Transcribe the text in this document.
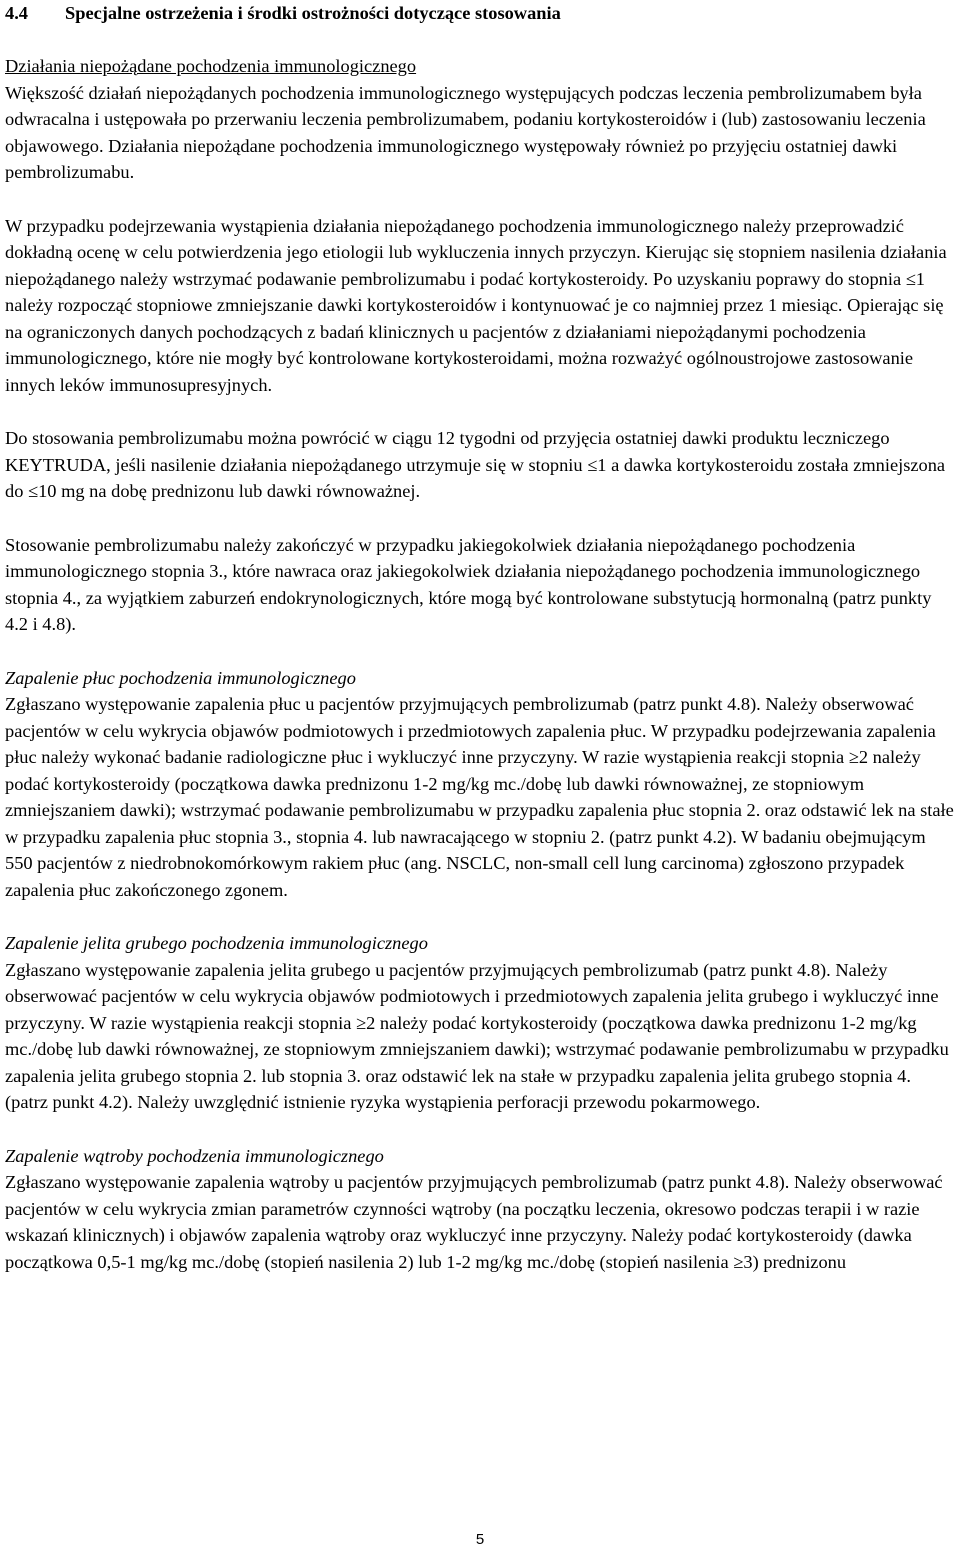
4.4 Specjalne ostrzeżenia i środki ostrożności dotyczące stosowania

Działania niepożądane pochodzenia immunologicznego

Większość działań niepożądanych pochodzenia immunologicznego występujących podczas leczenia pembrolizumabem była odwracalna i ustępowała po przerwaniu leczenia pembrolizumabem, podaniu kortykosteroidów i (lub) zastosowaniu leczenia objawowego. Działania niepożądane pochodzenia immunologicznego występowały również po przyjęciu ostatniej dawki pembrolizumabu.

W przypadku podejrzewania wystąpienia działania niepożądanego pochodzenia immunologicznego należy przeprowadzić dokładną ocenę w celu potwierdzenia jego etiologii lub wykluczenia innych przyczyn. Kierując się stopniem nasilenia działania niepożądanego należy wstrzymać podawanie pembrolizumabu i podać kortykosteroidy. Po uzyskaniu poprawy do stopnia ≤1 należy rozpocząć stopniowe zmniejszanie dawki kortykosteroidów i kontynuować je co najmniej przez 1 miesiąc. Opierając się na ograniczonych danych pochodzących z badań klinicznych u pacjentów z działaniami niepożądanymi pochodzenia immunologicznego, które nie mogły być kontrolowane kortykosteroidami, można rozważyć ogólnoustrojowe zastosowanie innych leków immunosupresyjnych.

Do stosowania pembrolizumabu można powrócić w ciągu 12 tygodni od przyjęcia ostatniej dawki produktu leczniczego KEYTRUDA, jeśli nasilenie działania niepożądanego utrzymuje się w stopniu ≤1 a dawka kortykosteroidu została zmniejszona do ≤10 mg na dobę prednizonu lub dawki równoważnej.

Stosowanie pembrolizumabu należy zakończyć w przypadku jakiegokolwiek działania niepożądanego pochodzenia immunologicznego stopnia 3., które nawraca oraz jakiegokolwiek działania niepożądanego pochodzenia immunologicznego stopnia 4., za wyjątkiem zaburzeń endokrynologicznych, które mogą być kontrolowane substytucją hormonalną (patrz punkty 4.2 i 4.8).

Zapalenie płuc pochodzenia immunologicznego

Zgłaszano występowanie zapalenia płuc u pacjentów przyjmujących pembrolizumab (patrz punkt 4.8). Należy obserwować pacjentów w celu wykrycia objawów podmiotowych i przedmiotowych zapalenia płuc. W przypadku podejrzewania zapalenia płuc należy wykonać badanie radiologiczne płuc i wykluczyć inne przyczyny. W razie wystąpienia reakcji stopnia ≥2 należy podać kortykosteroidy (początkowa dawka prednizonu 1-2 mg/kg mc./dobę lub dawki równoważnej, ze stopniowym zmniejszaniem dawki); wstrzymać podawanie pembrolizumabu w przypadku zapalenia płuc stopnia 2. oraz odstawić lek na stałe w przypadku zapalenia płuc stopnia 3., stopnia 4. lub nawracającego w stopniu 2. (patrz punkt 4.2). W badaniu obejmującym 550 pacjentów z niedrobnokomórkowym rakiem płuc (ang. NSCLC, non-small cell lung carcinoma) zgłoszono przypadek zapalenia płuc zakończonego zgonem.

Zapalenie jelita grubego pochodzenia immunologicznego

Zgłaszano występowanie zapalenia jelita grubego u pacjentów przyjmujących pembrolizumab (patrz punkt 4.8). Należy obserwować pacjentów w celu wykrycia objawów podmiotowych i przedmiotowych zapalenia jelita grubego i wykluczyć inne przyczyny. W razie wystąpienia reakcji stopnia ≥2 należy podać kortykosteroidy (początkowa dawka prednizonu 1-2 mg/kg mc./dobę lub dawki równoważnej, ze stopniowym zmniejszaniem dawki); wstrzymać podawanie pembrolizumabu w przypadku zapalenia jelita grubego stopnia 2. lub stopnia 3. oraz odstawić lek na stałe w przypadku zapalenia jelita grubego stopnia 4. (patrz punkt 4.2). Należy uwzględnić istnienie ryzyka wystąpienia perforacji przewodu pokarmowego.

Zapalenie wątroby pochodzenia immunologicznego

Zgłaszano występowanie zapalenia wątroby u pacjentów przyjmujących pembrolizumab (patrz punkt 4.8). Należy obserwować pacjentów w celu wykrycia zmian parametrów czynności wątroby (na początku leczenia, okresowo podczas terapii i w razie wskazań klinicznych) i objawów zapalenia wątroby oraz wykluczyć inne przyczyny. Należy podać kortykosteroidy (dawka początkowa 0,5-1 mg/kg mc./dobę (stopień nasilenia 2) lub 1-2 mg/kg mc./dobę (stopień nasilenia ≥3) prednizonu

5
